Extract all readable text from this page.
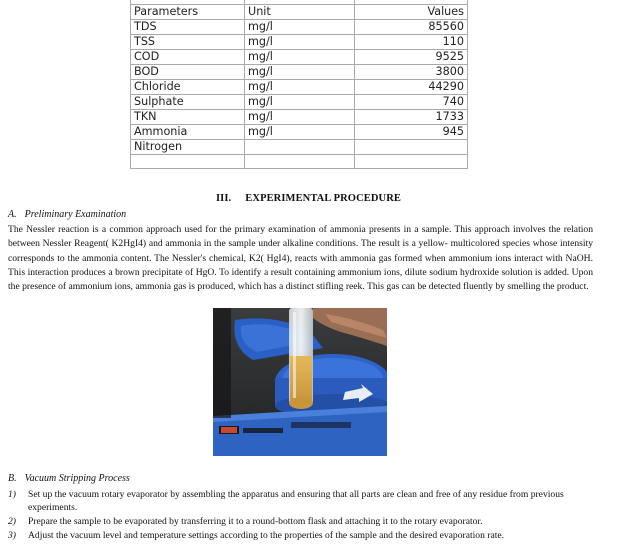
Parameters	Unit	Values
TDS	mg/l	85560
TSS	mg/l	110
COD	mg/l	9525
BOD	mg/l	3800
Chloride	mg/l	44290
Sulphate	mg/l	740
TKN	mg/l	1733
Ammonia	mg/l	945
Nitrogen		

III. EXPERIMENTAL PROCEDURE
A. Preliminary Examination
The Nessler reaction is a common approach used for the primary examination of ammonia presents in a sample. This approach involves the relation between Nessler Reagent( K2HgI4) and ammonia in the sample under alkaline conditions. The result is a yellow- multicolored species whose intensity corresponds to the ammonia content. The Nessler's chemical, K2( HgI4), reacts with ammonia gas formed when ammonium ions interact with NaOH. This interaction produces a brown precipitate of HgO. To identify a result containing ammonium ions, dilute sodium hydroxide solution is added. Upon the presence of ammonium ions, ammonia gas is produced, which has a distinct stifling reek. This gas can be detected fluently by smelling the product.
B. Vacuum Stripping Process
1)	Set up the vacuum rotary evaporator by assembling the apparatus and ensuring that all parts are clean and free of any residue from previous experiments.
2)	Prepare the sample to be evaporated by transferring it to a round-bottom flask and attaching it to the rotary evaporator.
3)	Adjust the vacuum level and temperature settings according to the properties of the sample and the desired evaporation rate.
